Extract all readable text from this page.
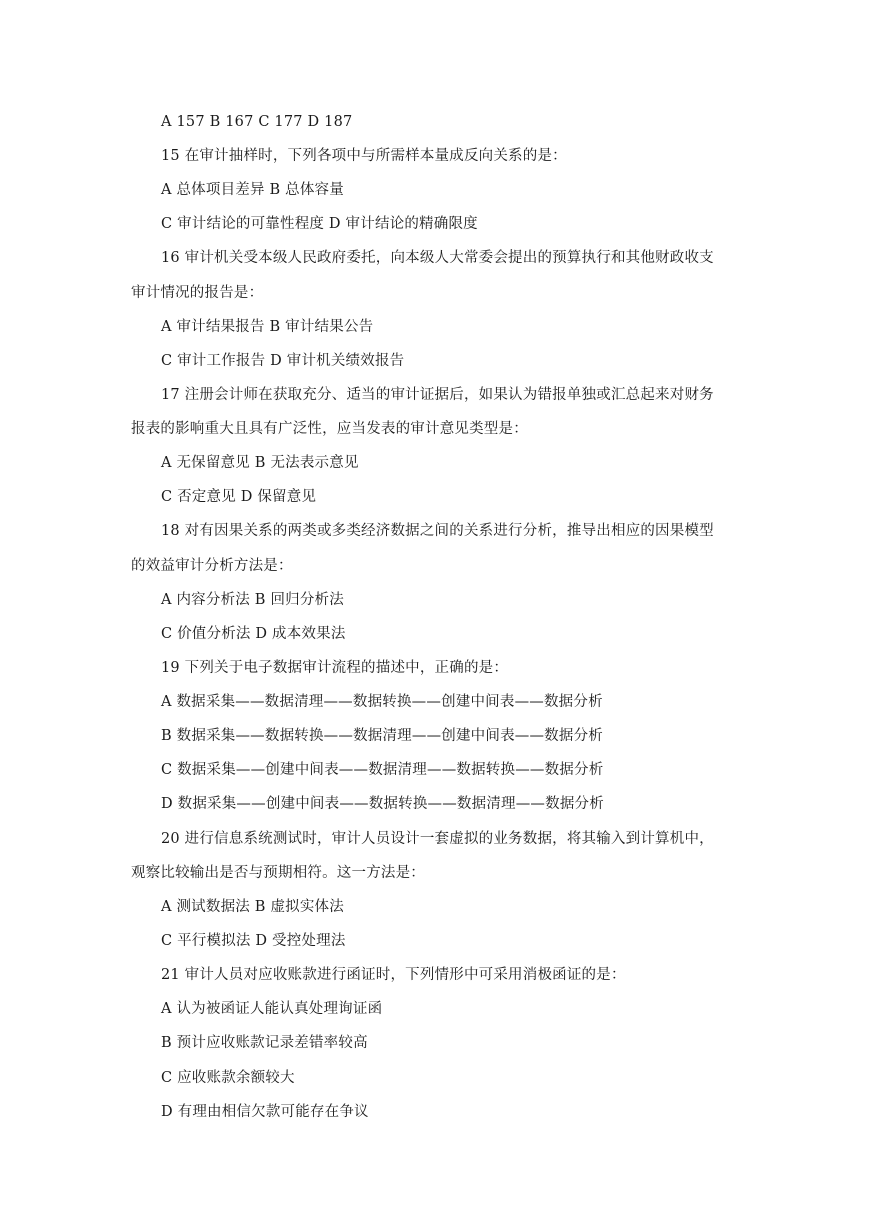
A 157 B 167 C 177 D 187
15 在审计抽样时，下列各项中与所需样本量成反向关系的是：
A 总体项目差异 B 总体容量
C 审计结论的可靠性程度 D 审计结论的精确限度
16 审计机关受本级人民政府委托，向本级人大常委会提出的预算执行和其他财政收支
审计情况的报告是：
A 审计结果报告 B 审计结果公告
C 审计工作报告 D 审计机关绩效报告
17 注册会计师在获取充分、适当的审计证据后，如果认为错报单独或汇总起来对财务
报表的影响重大且具有广泛性，应当发表的审计意见类型是：
A 无保留意见 B 无法表示意见
C 否定意见 D 保留意见
18 对有因果关系的两类或多类经济数据之间的关系进行分析，推导出相应的因果模型
的效益审计分析方法是：
A 内容分析法 B 回归分析法
C 价值分析法 D 成本效果法
19 下列关于电子数据审计流程的描述中，正确的是：
A 数据采集——数据清理——数据转换——创建中间表——数据分析
B 数据采集——数据转换——数据清理——创建中间表——数据分析
C 数据采集——创建中间表——数据清理——数据转换——数据分析
D 数据采集——创建中间表——数据转换——数据清理——数据分析
20 进行信息系统测试时，审计人员设计一套虚拟的业务数据，将其输入到计算机中，
观察比较输出是否与预期相符。这一方法是：
A 测试数据法 B 虚拟实体法
C 平行模拟法 D 受控处理法
21 审计人员对应收账款进行函证时，下列情形中可采用消极函证的是：
A 认为被函证人能认真处理询证函
B 预计应收账款记录差错率较高
C 应收账款余额较大
D 有理由相信欠款可能存在争议
